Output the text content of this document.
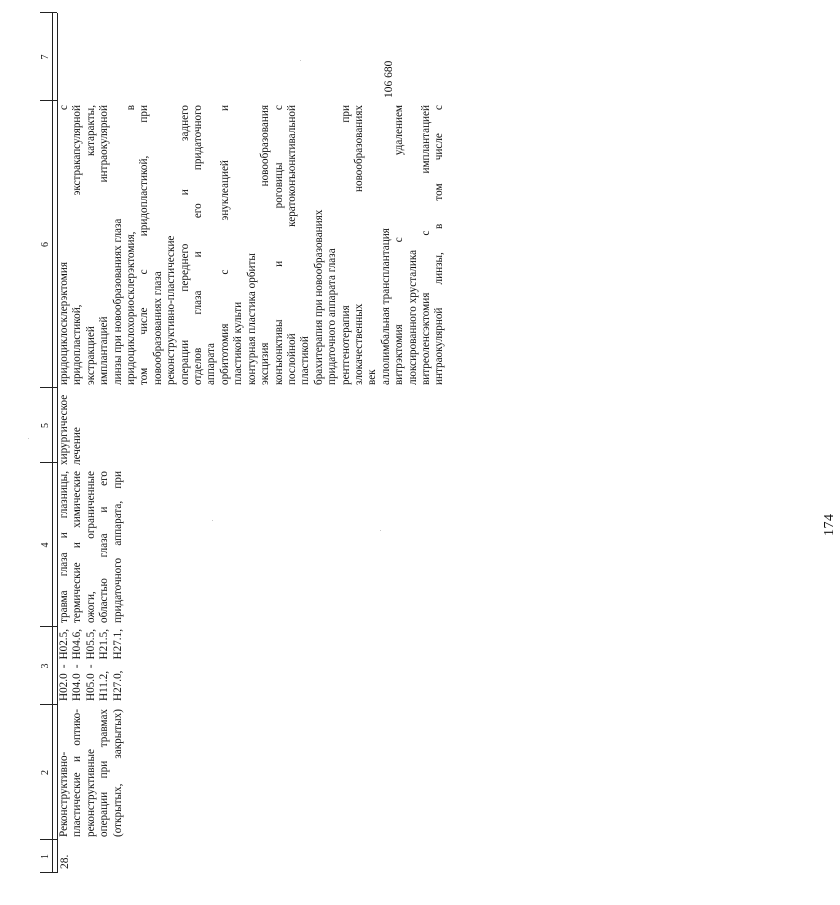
174
1
2
3
4
5
6
7
28.
Реконструктивно- пластические и оптико- реконструктивные операции при травмах (открытых, закрытых)
H02.0 - H02.5, H04.0 - H04.6, H05.0 - H05.5, H11.2, H21.5, H27.0, H27.1,
травма глаза и глазницы, термические и химические ожоги, ограниченные областью глаза и его придаточного аппарата, при
хирургическое лечение
иридоциклосклерэктомия с иридопластикой, экстракапсулярной экстракцией катаракты, имплантацией интраокулярной линзы при новообразованиях глаза иридоциклохориосклерэктомия, в том числе с иридопластикой, при новообразованиях глаза реконструктивно-пластические операции переднего и заднего отделов глаза и его придаточного аппарата орбитотомия с энуклеацией и пластикой культи контурная пластика орбиты эксцизия новообразования конъюнктивы и роговицы с послойной кератоконъюнктивальной пластикой брахитерапия при новообразованиях придаточного аппарата глаза рентгенотерапия при злокачественных новообразованиях век аллолимбальная трансплантация витрэктомия с удалением люксированного хрусталика витреоленсэктомия с имплантацией интраокулярной линзы, в том числе с
106 680
